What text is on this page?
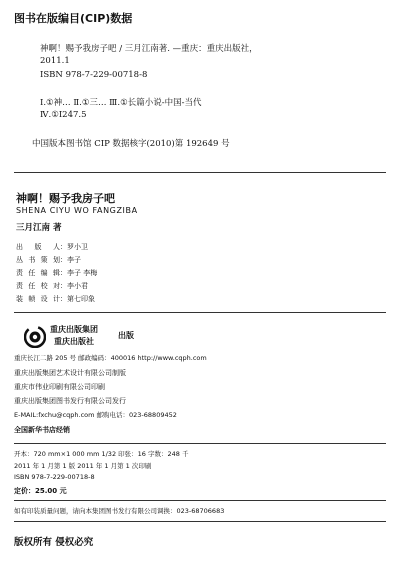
图书在版编目(CIP)数据
神啊！赐予我房子吧 / 三月江南著. —重庆：重庆出版社，
2011.1
ISBN 978-7-229-00718-8
Ⅰ.①神… Ⅱ.①三… Ⅲ.①长篇小说-中国-当代
Ⅳ.①I247.5
中国版本图书馆 CIP 数据核字(2010)第 192649 号
神啊！赐予我房子吧
SHENA CIYU WO FANGZIBA
三月江南 著
出版人：罗小卫
丛书策划：李子
责任编辑：李子 李梅
责任校对：李小君
装帧设计：第七印象
重庆出版集团
重庆出版社
出版
重庆长江二路 205 号 邮政编码：400016 http://www.cqph.com
重庆出版集团艺术设计有限公司制版
重庆市伟业印刷有限公司印刷
重庆出版集团图书发行有限公司发行
E-MAIL:fxchu@cqph.com 邮购电话：023-68809452
全国新华书店经销
开本：720 mm×1 000 mm 1/32 印张：16 字数：248 千
2011 年 1 月第 1 版 2011 年 1 月第 1 次印刷
ISBN 978-7-229-00718-8
定价：25.00 元
如有印装质量问题，请向本集团图书发行有限公司调换：023-68706683
版权所有 侵权必究
